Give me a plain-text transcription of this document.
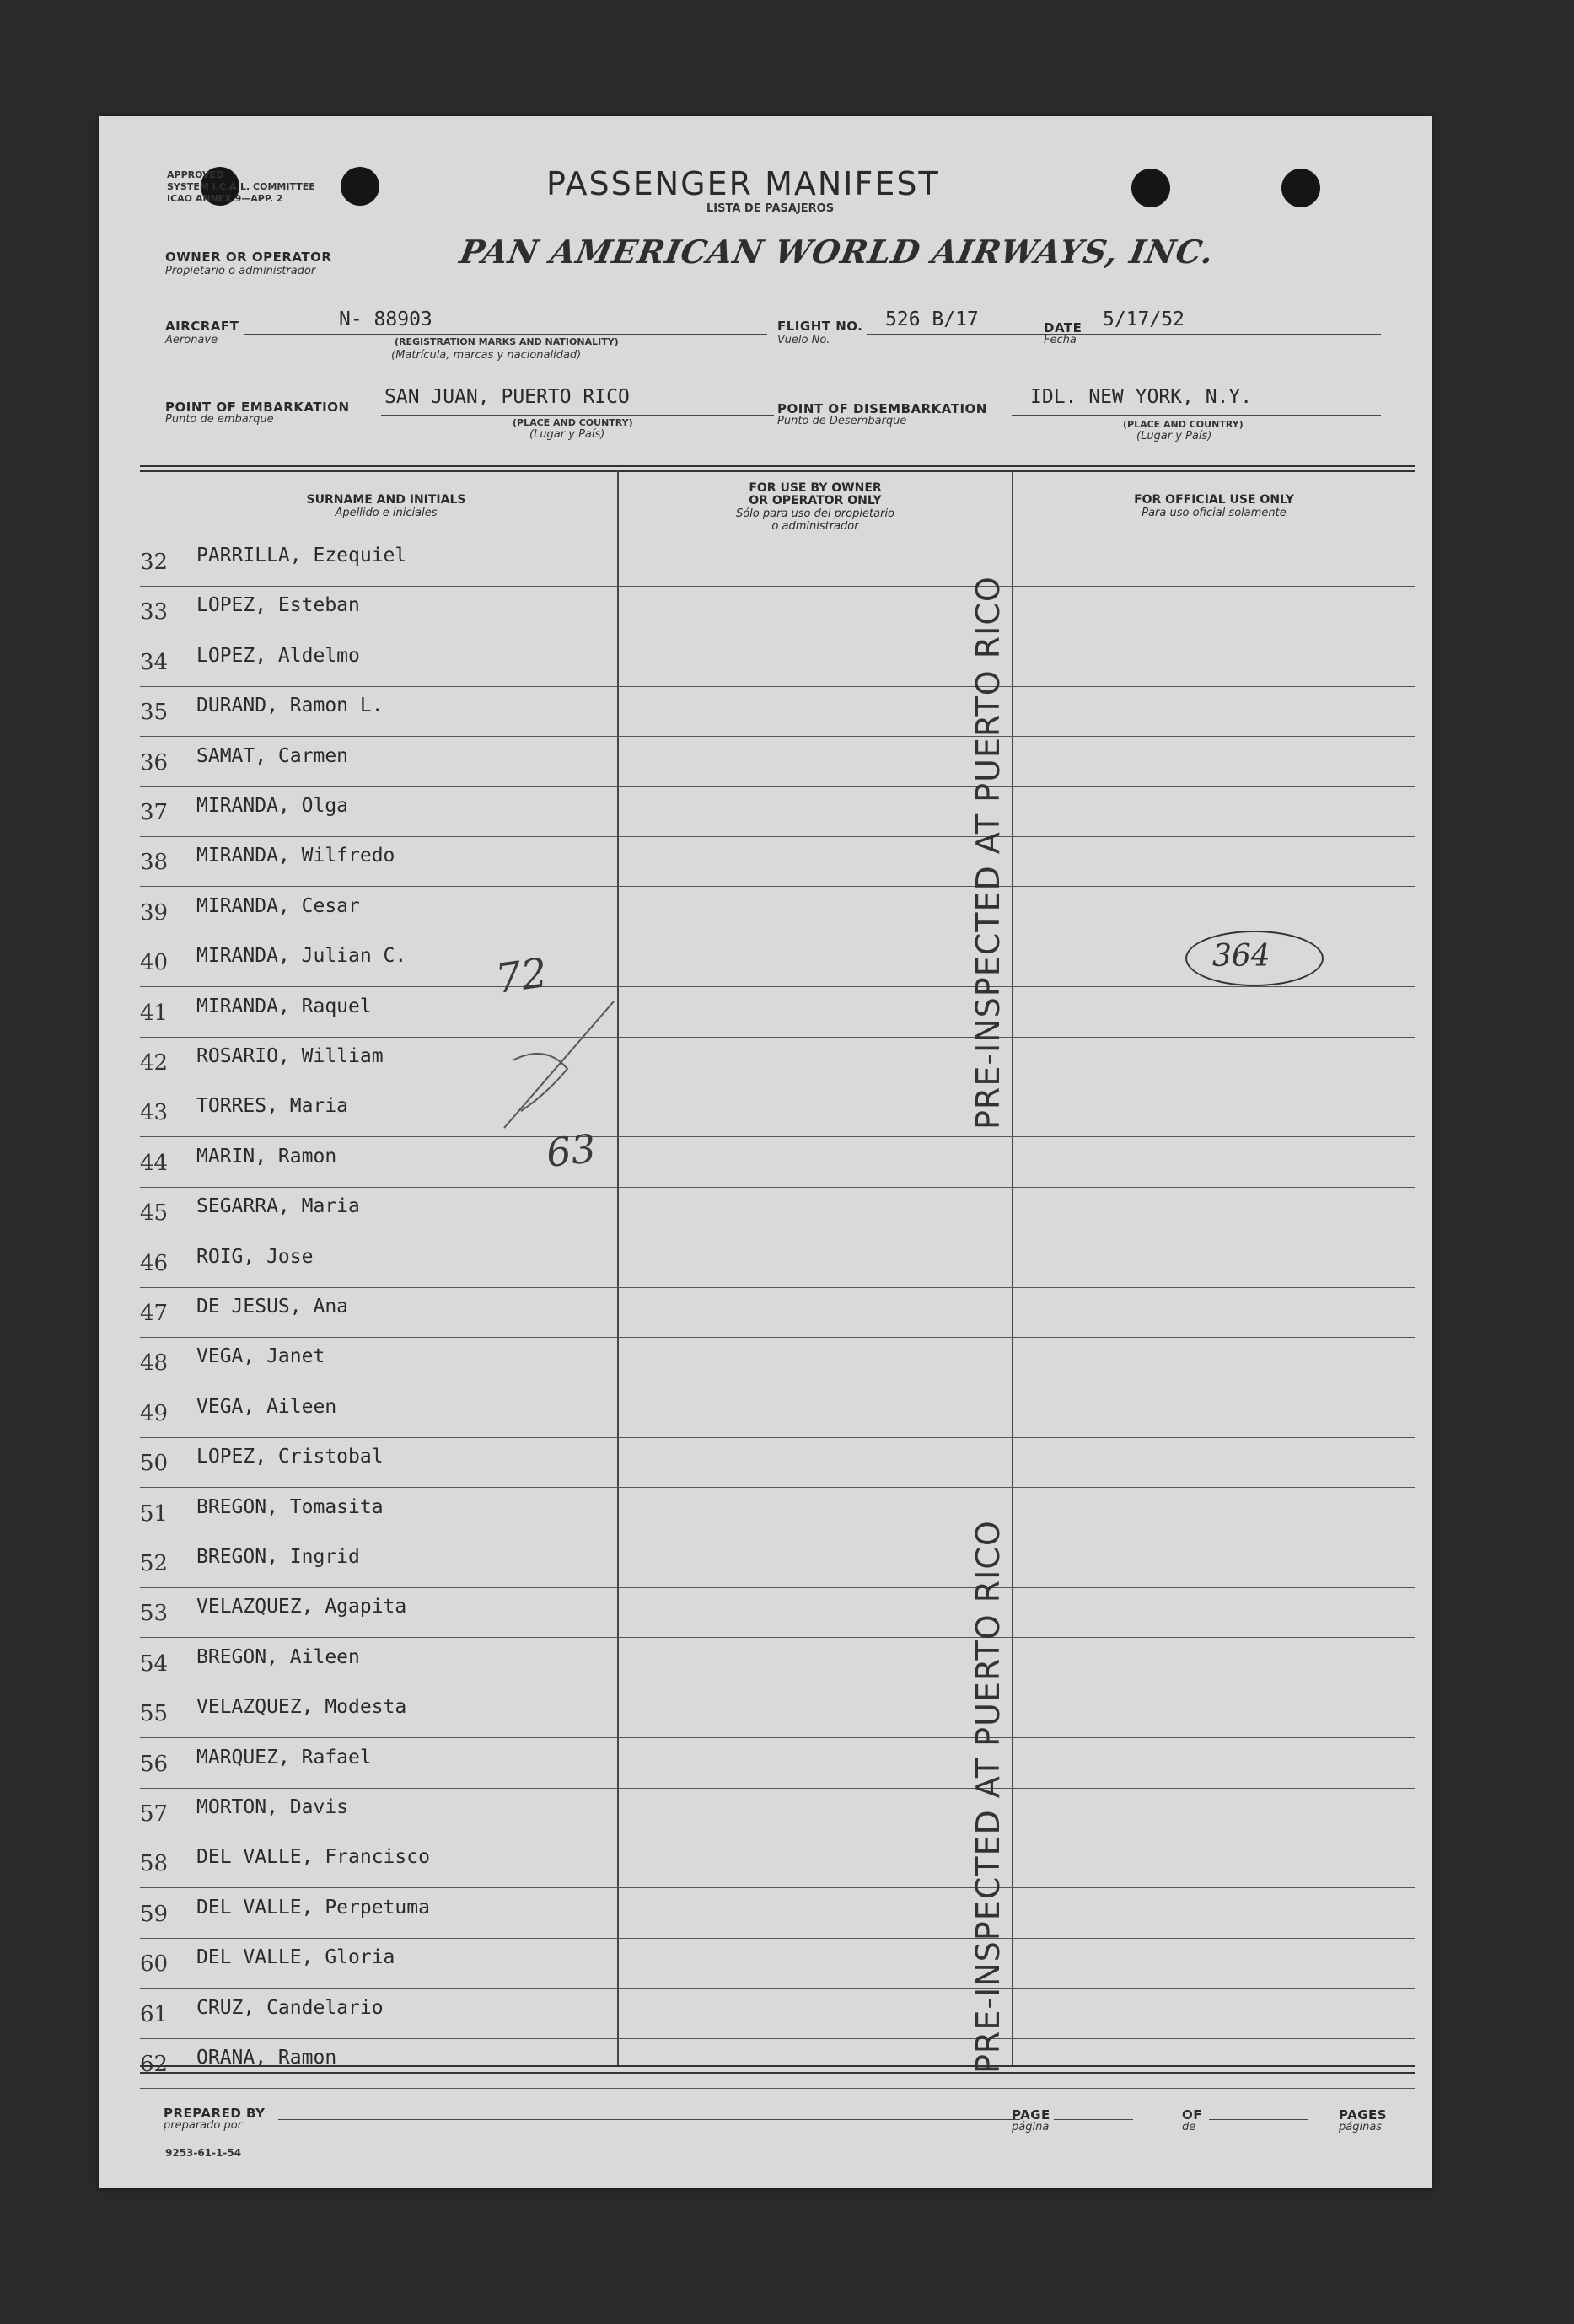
APPROVED
SYSTEM I.C.A.L. COMMITTEE
ICAO ANNEX 9—APP. 2	PASSENGER MANIFEST
LISTA DE PASAJEROS
OWNER OR OPERATOR
Propietario o administrador
PAN AMERICAN WORLD AIRWAYS, INC.
AIRCRAFT
Aeronave
N- 88903
(REGISTRATION MARKS AND NATIONALITY)
(Matrícula, marcas y nacionalidad)
FLIGHT NO.
Vuelo No.
526 B/17	DATE
Fecha
5/17/52
POINT OF EMBARKATION
Punto de embarque
SAN JUAN, PUERTO RICO
(PLACE AND COUNTRY)
(Lugar y País)
POINT OF DISEMBARKATION
Punto de Desembarque
IDL. NEW YORK, N.Y.
(PLACE AND COUNTRY)
(Lugar y País)
SURNAME AND INITIALS
Apellido e iniciales
FOR USE BY OWNER
OR OPERATOR ONLY
Sólo para uso del propietario
o administrador
FOR OFFICIAL USE ONLY
Para uso oficial solamente
32	PARRILLA, Ezequiel
33	LOPEZ, Esteban
34	LOPEZ, Aldelmo
35	DURAND, Ramon L.
36	SAMAT, Carmen
37	MIRANDA, Olga
38	MIRANDA, Wilfredo
39	MIRANDA, Cesar
40	MIRANDA, Julian C.
41	MIRANDA, Raquel
42	ROSARIO, William
43	TORRES, Maria
44	MARIN, Ramon
45	SEGARRA, Maria
46	ROIG, Jose
47	DE JESUS, Ana
48	VEGA, Janet
49	VEGA, Aileen
50	LOPEZ, Cristobal
51	BREGON, Tomasita
52	BREGON, Ingrid
53	VELAZQUEZ, Agapita
54	BREGON, Aileen
55	VELAZQUEZ, Modesta
56	MARQUEZ, Rafael
57	MORTON, Davis
58	DEL VALLE, Francisco
59	DEL VALLE, Perpetuma
60	DEL VALLE, Gloria
61	CRUZ, Candelario
62	ORANA, Ramon
72
63
364
PRE-INSPECTED AT PUERTO RICO
PRE-INSPECTED AT PUERTO RICO
PREPARED BY
preparado por
9253-61-1-54
PAGE
página
OF
de
PAGES
páginas
